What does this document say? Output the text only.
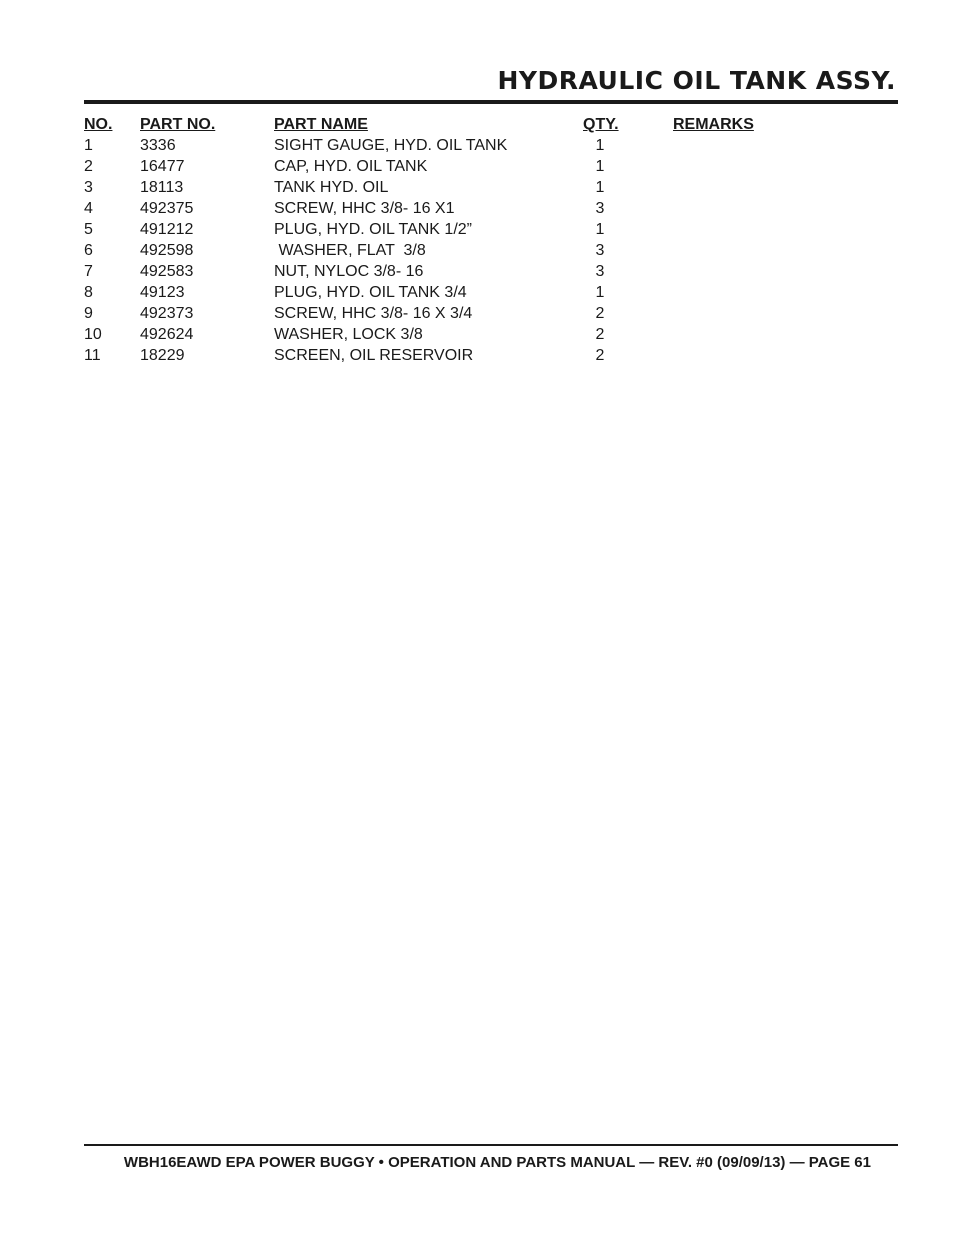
HYDRAULIC OIL TANK ASSY.
NO. PART NO.	PART NAME	QTY.	REMARKS
1	3336	SIGHT GAUGE, HYD. OIL TANK	1
2	16477	CAP, HYD. OIL TANK	1
3	18113	TANK HYD. OIL	1
4	492375	SCREW, HHC 3/8- 16 X1	3
5	491212	PLUG, HYD. OIL TANK 1/2”	1
6	492598	WASHER, FLAT  3/8	3
7	492583	NUT, NYLOC 3/8- 16	3
8	49123	PLUG, HYD. OIL TANK 3/4	1
9	492373	SCREW, HHC 3/8- 16 X 3/4	2
10 492624	WASHER, LOCK 3/8	2
11 18229	SCREEN, OIL RESERVOIR	2
WBH16EAWD EPA POWER BUGGY • OPERATION AND PARTS MANUAL — REV. #0 (09/09/13) — PAGE 61
